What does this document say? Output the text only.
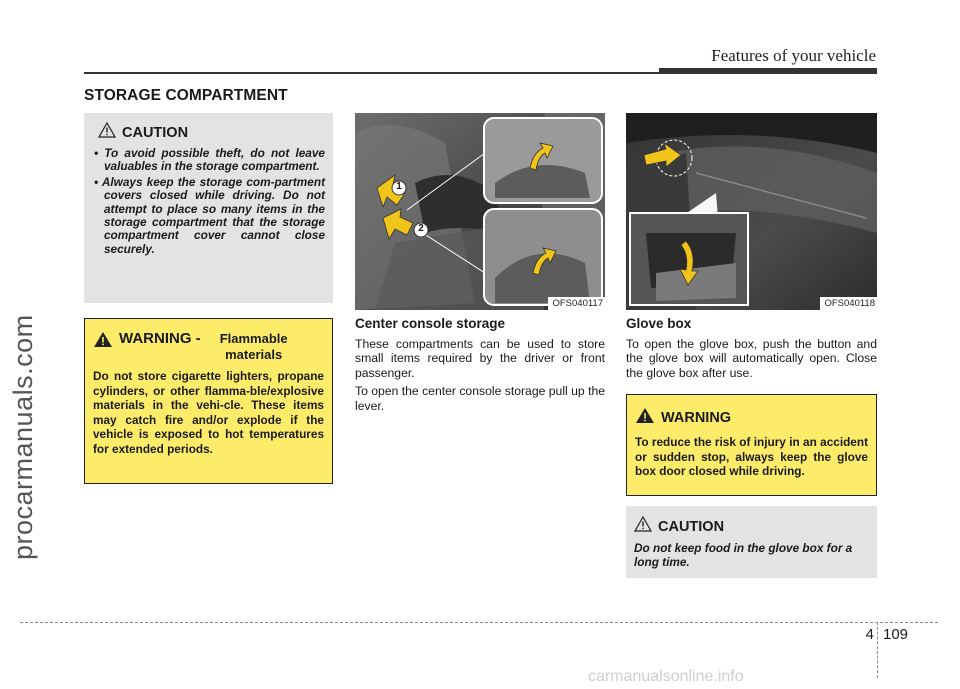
Features of your vehicle
STORAGE COMPARTMENT
procarmanuals.com
CAUTION

• To avoid possible theft, do not leave valuables in the storage compartment.

• Always keep the storage com-partment covers closed while driving. Do not attempt to place so many items in the storage compartment that the storage compartment cover cannot close securely.

WARNING -	Flammable materials
Do not store cigarette lighters, propane cylinders, or other flamma-ble/explosive materials in the vehi-cle. These items may catch fire and/or explode if the vehicle is exposed to hot temperatures for extended periods.
1
2
OFS040117
Center console storage

These compartments can be used to store small items required by the driver or front passenger.

To open the center console storage pull up the lever.

OFS040118
Glove box

To open the glove box, push the button and the glove box will automatically open. Close the glove box after use.

WARNING
To reduce the risk of injury in an accident or sudden stop, always keep the glove box door closed while driving.
CAUTION
Do not keep food in the glove box for a long time.
4 109
carmanualsonline.info
